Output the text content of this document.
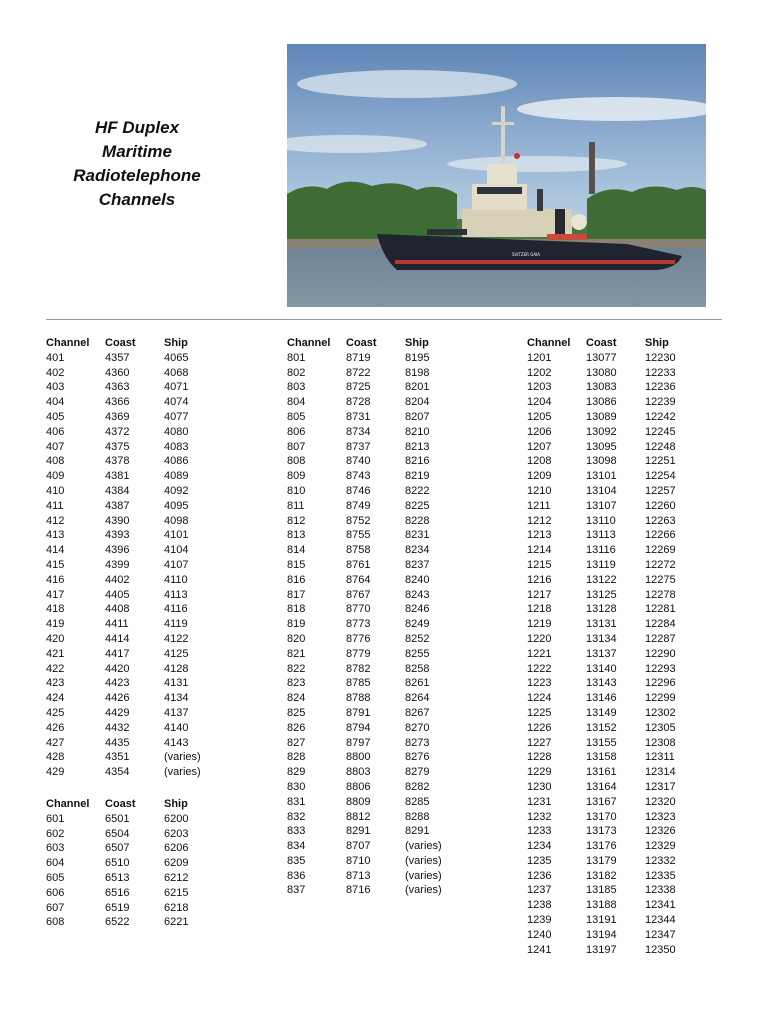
HF Duplex
Maritime
Radiotelephone
Channels
SVITZER GAIA
Channel	Coast	Ship
401	4357	4065
402	4360	4068
403	4363	4071
404	4366	4074
405	4369	4077
406	4372	4080
407	4375	4083
408	4378	4086
409	4381	4089
410	4384	4092
411	4387	4095
412	4390	4098
413	4393	4101
414	4396	4104
415	4399	4107
416	4402	4110
417	4405	4113
418	4408	4116
419	4411	4119
420	4414	4122
421	4417	4125
422	4420	4128
423	4423	4131
424	4426	4134
425	4429	4137
426	4432	4140
427	4435	4143
428	4351	(varies)
429	4354	(varies)
Channel	Coast	Ship
601	6501	6200
602	6504	6203
603	6507	6206
604	6510	6209
605	6513	6212
606	6516	6215
607	6519	6218
608	6522	6221
Channel	Coast	Ship
801	8719	8195
802	8722	8198
803	8725	8201
804	8728	8204
805	8731	8207
806	8734	8210
807	8737	8213
808	8740	8216
809	8743	8219
810	8746	8222
811	8749	8225
812	8752	8228
813	8755	8231
814	8758	8234
815	8761	8237
816	8764	8240
817	8767	8243
818	8770	8246
819	8773	8249
820	8776	8252
821	8779	8255
822	8782	8258
823	8785	8261
824	8788	8264
825	8791	8267
826	8794	8270
827	8797	8273
828	8800	8276
829	8803	8279
830	8806	8282
831	8809	8285
832	8812	8288
833	8291	8291
834	8707	(varies)
835	8710	(varies)
836	8713	(varies)
837	8716	(varies)
Channel	Coast	Ship
1201	13077	12230
1202	13080	12233
1203	13083	12236
1204	13086	12239
1205	13089	12242
1206	13092	12245
1207	13095	12248
1208	13098	12251
1209	13101	12254
1210	13104	12257
1211	13107	12260
1212	13110	12263
1213	13113	12266
1214	13116	12269
1215	13119	12272
1216	13122	12275
1217	13125	12278
1218	13128	12281
1219	13131	12284
1220	13134	12287
1221	13137	12290
1222	13140	12293
1223	13143	12296
1224	13146	12299
1225	13149	12302
1226	13152	12305
1227	13155	12308
1228	13158	12311
1229	13161	12314
1230	13164	12317
1231	13167	12320
1232	13170	12323
1233	13173	12326
1234	13176	12329
1235	13179	12332
1236	13182	12335
1237	13185	12338
1238	13188	12341
1239	13191	12344
1240	13194	12347
1241	13197	12350
